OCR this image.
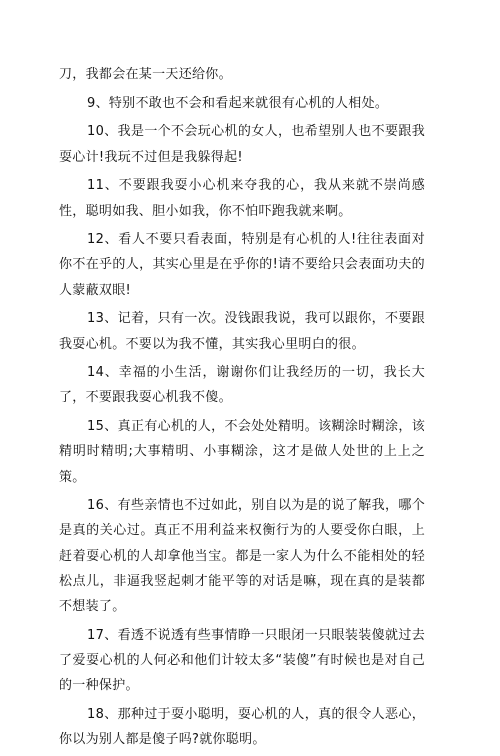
刀，我都会在某一天还给你。

9、特别不敢也不会和看起来就很有心机的人相处。

10、我是一个不会玩心机的女人，也希望别人也不要跟我耍心计!我玩不过但是我躲得起!

11、不要跟我耍小心机来夺我的心，我从来就不崇尚感性，聪明如我、胆小如我，你不怕吓跑我就来啊。

12、看人不要只看表面，特别是有心机的人!往往表面对你不在乎的人，其实心里是在乎你的!请不要给只会表面功夫的人蒙蔽双眼!

13、记着，只有一次。没钱跟我说，我可以跟你，不要跟我耍心机。不要以为我不懂，其实我心里明白的很。

14、幸福的小生活，谢谢你们让我经历的一切，我长大了，不要跟我耍心机我不傻。

15、真正有心机的人，不会处处精明。该糊涂时糊涂，该精明时精明;大事精明、小事糊涂，这才是做人处世的上上之策。

16、有些亲情也不过如此，别自以为是的说了解我，哪个是真的关心过。真正不用利益来权衡行为的人要受你白眼，上赶着耍心机的人却拿他当宝。都是一家人为什么不能相处的轻松点儿，非逼我竖起刺才能平等的对话是嘛，现在真的是装都不想装了。

17、看透不说透有些事情睁一只眼闭一只眼装装傻就过去了爱耍心机的人何必和他们计较太多“装傻”有时候也是对自己的一种保护。

18、那种过于耍小聪明，耍心机的人，真的很令人恶心，你以为别人都是傻子吗?就你聪明。
